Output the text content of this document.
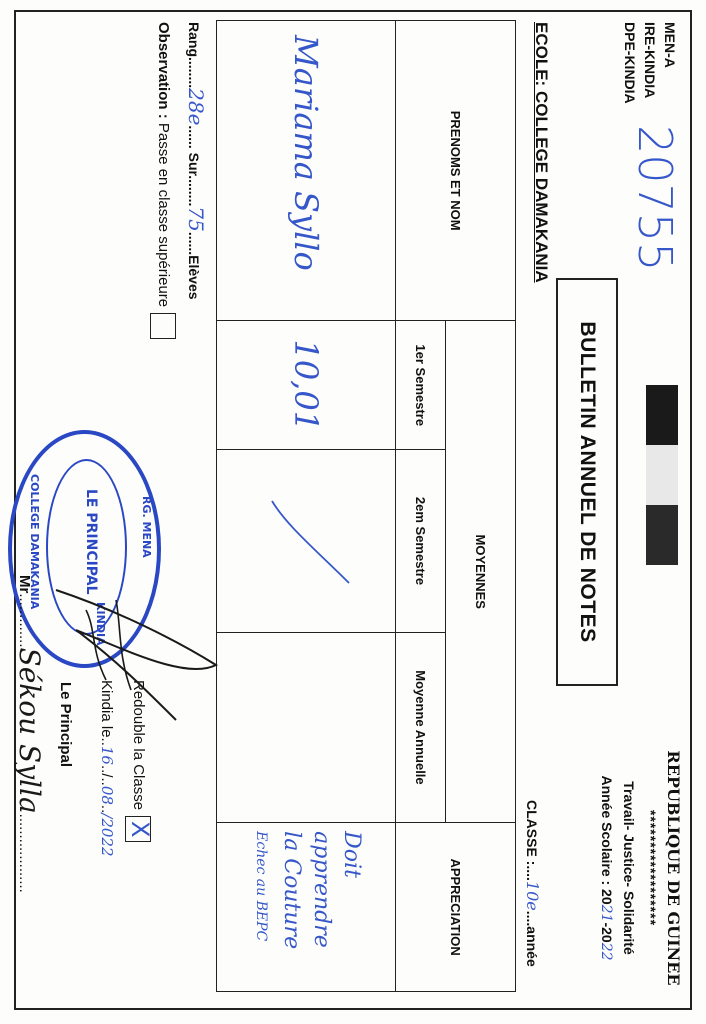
MEN-A
IRE-KINDIA
DPE-KINDIA
20755
REPUBLIQUE DE GUINEE
******************
Travail- Justice- Solidarité
Année Scolaire : 2021-2022
BULLETIN ANNUEL DE NOTES
ECOLE: COLLEGE DAMAKANIA
CLASSE :....10e....année
PRENOMS ET NOM	MOYENNES			APPRECIATION
	1er Semestre	2em Semestre	Moyenne Annuelle	
Mariama Syllo	10,01			Doit apprendre
la Couture
Echec au BEPC
Rang........28e...... Sur........75......Elèves
Observation : Passe en classe supérieure
Redouble la Classe
X
Kindia le..16../..08../2022
Le Principal
RG. MENA
KINDIA
LE PRINCIPAL
COLLEGE DAMAKANIA
Mr.............Sékou Sylla...................
